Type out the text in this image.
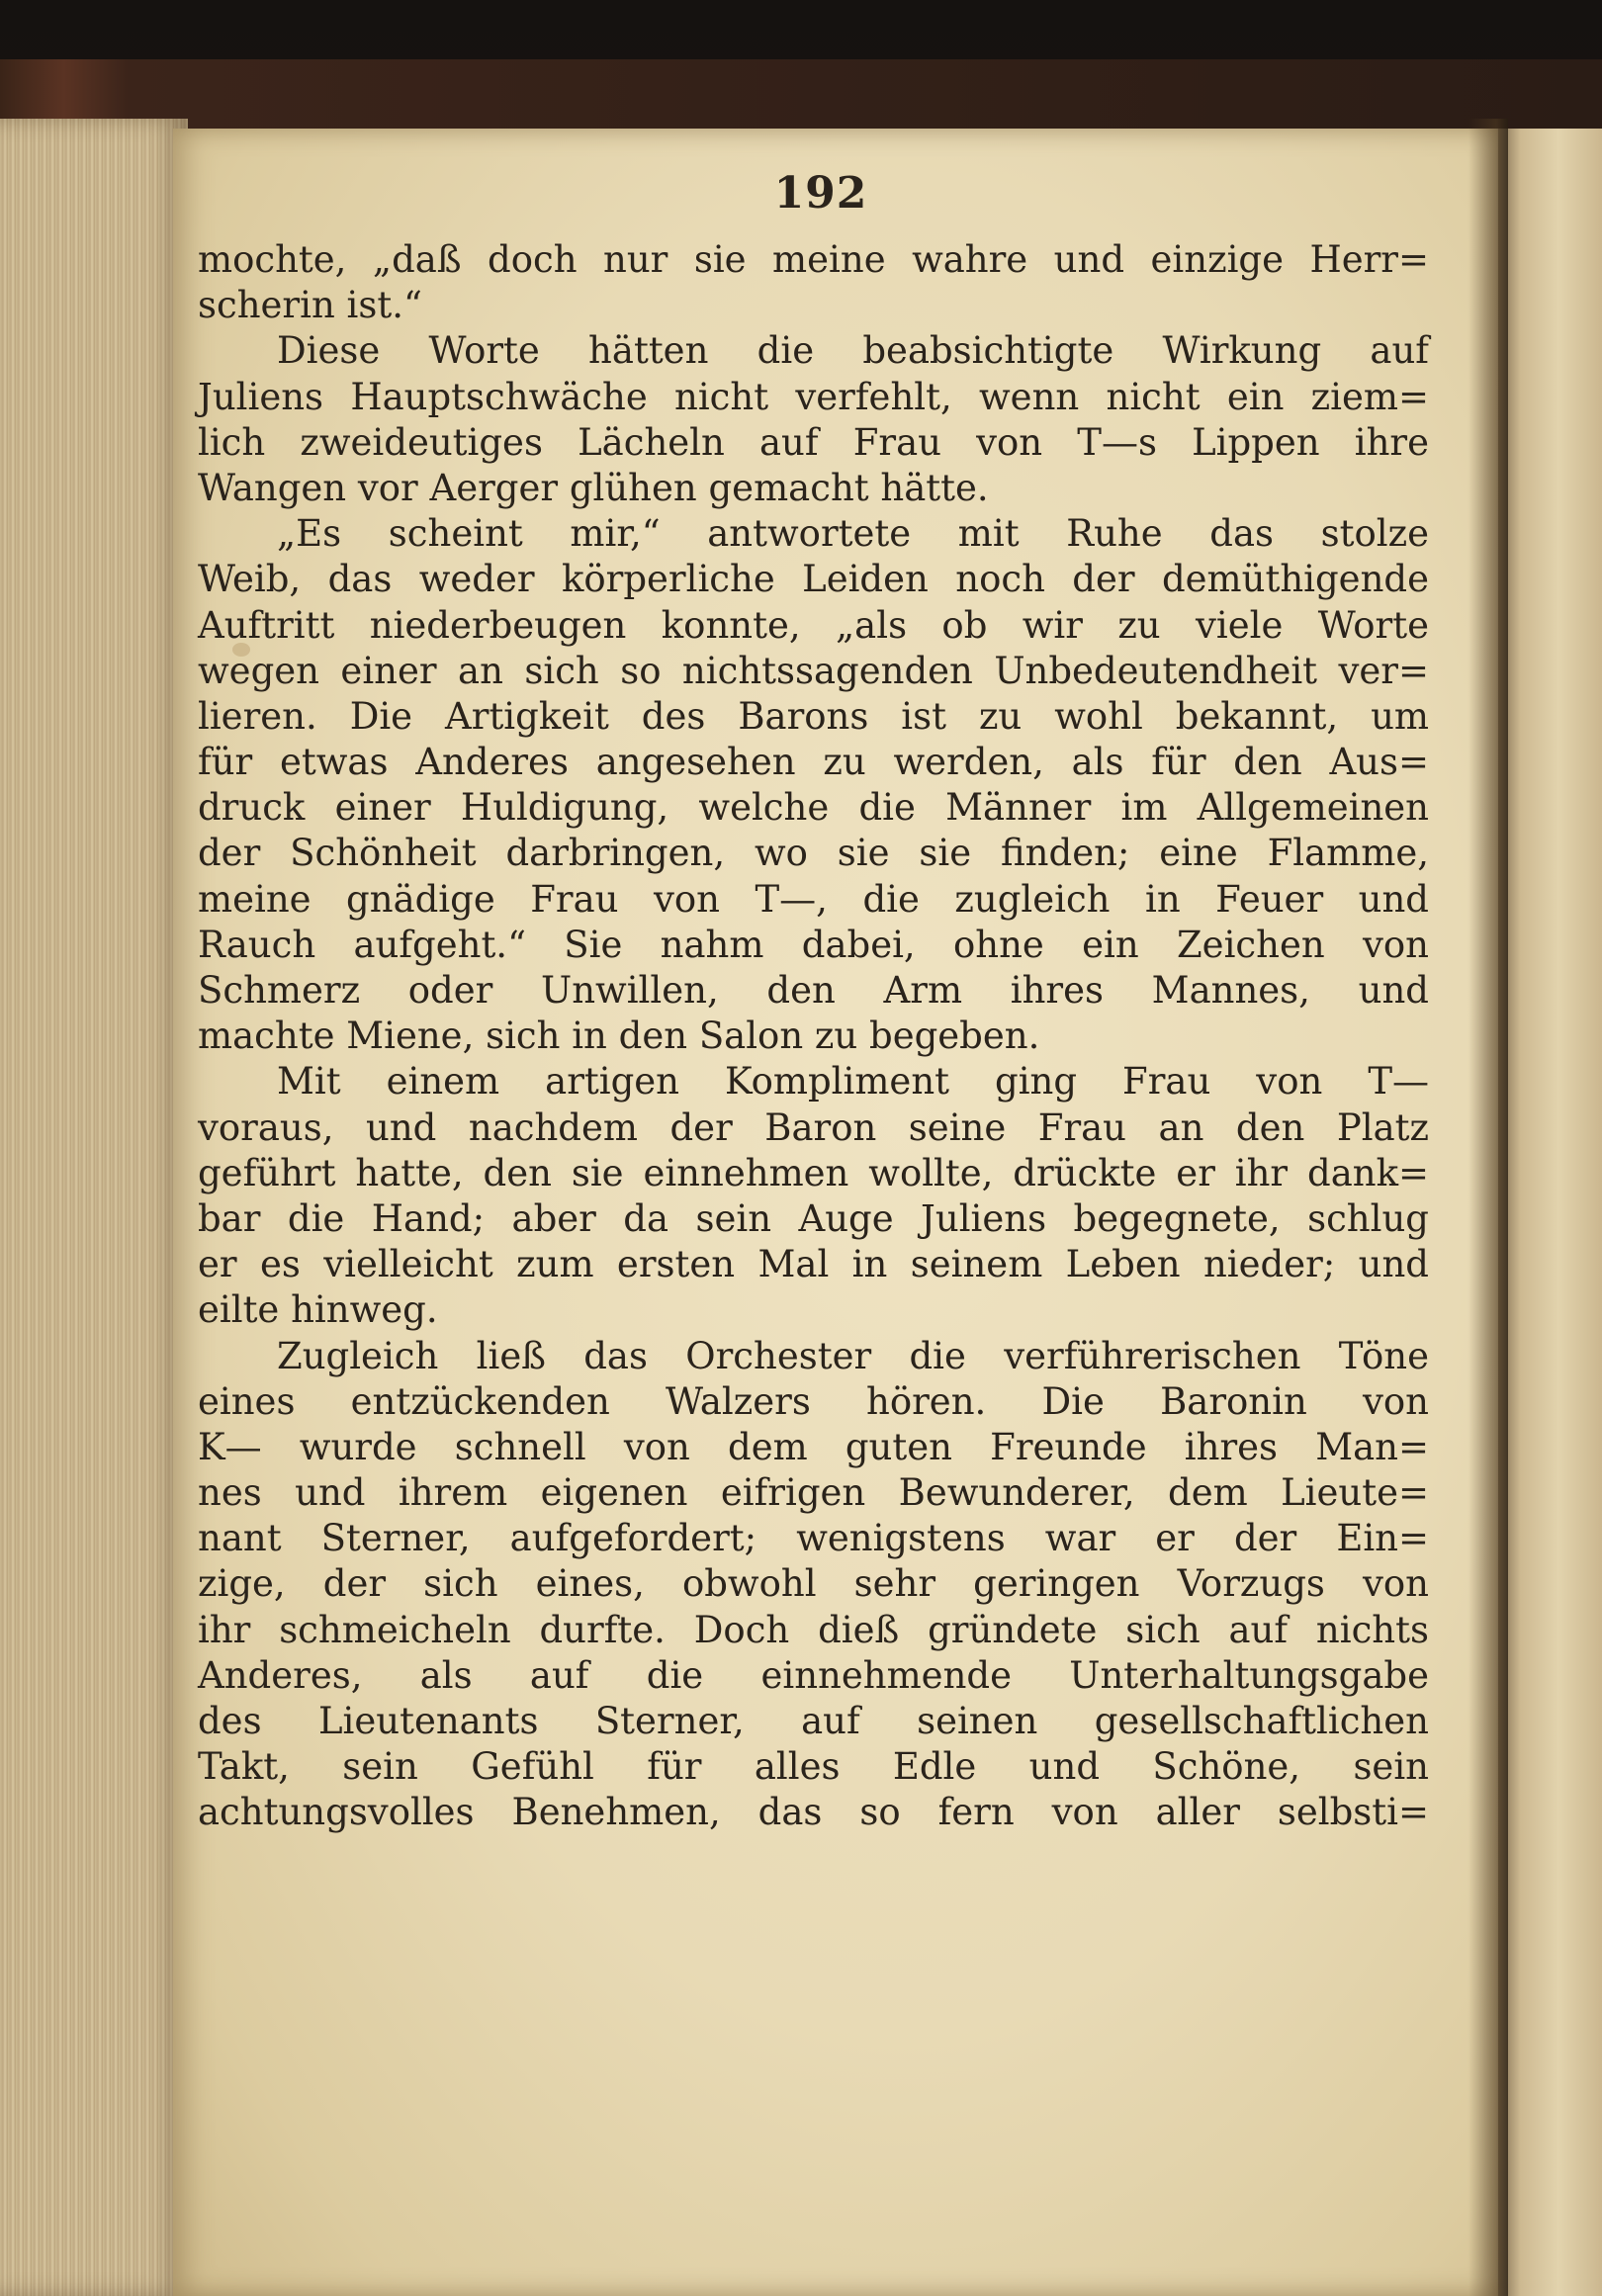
192
mochte, „daß doch nur sie meine wahre und einzige Herr=
scherin ist.“
Diese Worte hätten die beabsichtigte Wirkung auf
Juliens Hauptschwäche nicht verfehlt, wenn nicht ein ziem=
lich zweideutiges Lächeln auf Frau von T—s Lippen ihre
Wangen vor Aerger glühen gemacht hätte.
„Es scheint mir,“ antwortete mit Ruhe das stolze
Weib, das weder körperliche Leiden noch der demüthigende
Auftritt niederbeugen konnte, „als ob wir zu viele Worte
wegen einer an sich so nichtssagenden Unbedeutendheit ver=
lieren. Die Artigkeit des Barons ist zu wohl bekannt, um
für etwas Anderes angesehen zu werden, als für den Aus=
druck einer Huldigung, welche die Männer im Allgemeinen
der Schönheit darbringen, wo sie sie finden; eine Flamme,
meine gnädige Frau von T—, die zugleich in Feuer und
Rauch aufgeht.“ Sie nahm dabei, ohne ein Zeichen von
Schmerz oder Unwillen, den Arm ihres Mannes, und
machte Miene, sich in den Salon zu begeben.
Mit einem artigen Kompliment ging Frau von T—
voraus, und nachdem der Baron seine Frau an den Platz
geführt hatte, den sie einnehmen wollte, drückte er ihr dank=
bar die Hand; aber da sein Auge Juliens begegnete, schlug
er es vielleicht zum ersten Mal in seinem Leben nieder; und
eilte hinweg.
Zugleich ließ das Orchester die verführerischen Töne
eines entzückenden Walzers hören. Die Baronin von
K— wurde schnell von dem guten Freunde ihres Man=
nes und ihrem eigenen eifrigen Bewunderer, dem Lieute=
nant Sterner, aufgefordert; wenigstens war er der Ein=
zige, der sich eines, obwohl sehr geringen Vorzugs von
ihr schmeicheln durfte. Doch dieß gründete sich auf nichts
Anderes, als auf die einnehmende Unterhaltungsgabe
des Lieutenants Sterner, auf seinen gesellschaftlichen
Takt, sein Gefühl für alles Edle und Schöne, sein
achtungsvolles Benehmen, das so fern von aller selbsti=
